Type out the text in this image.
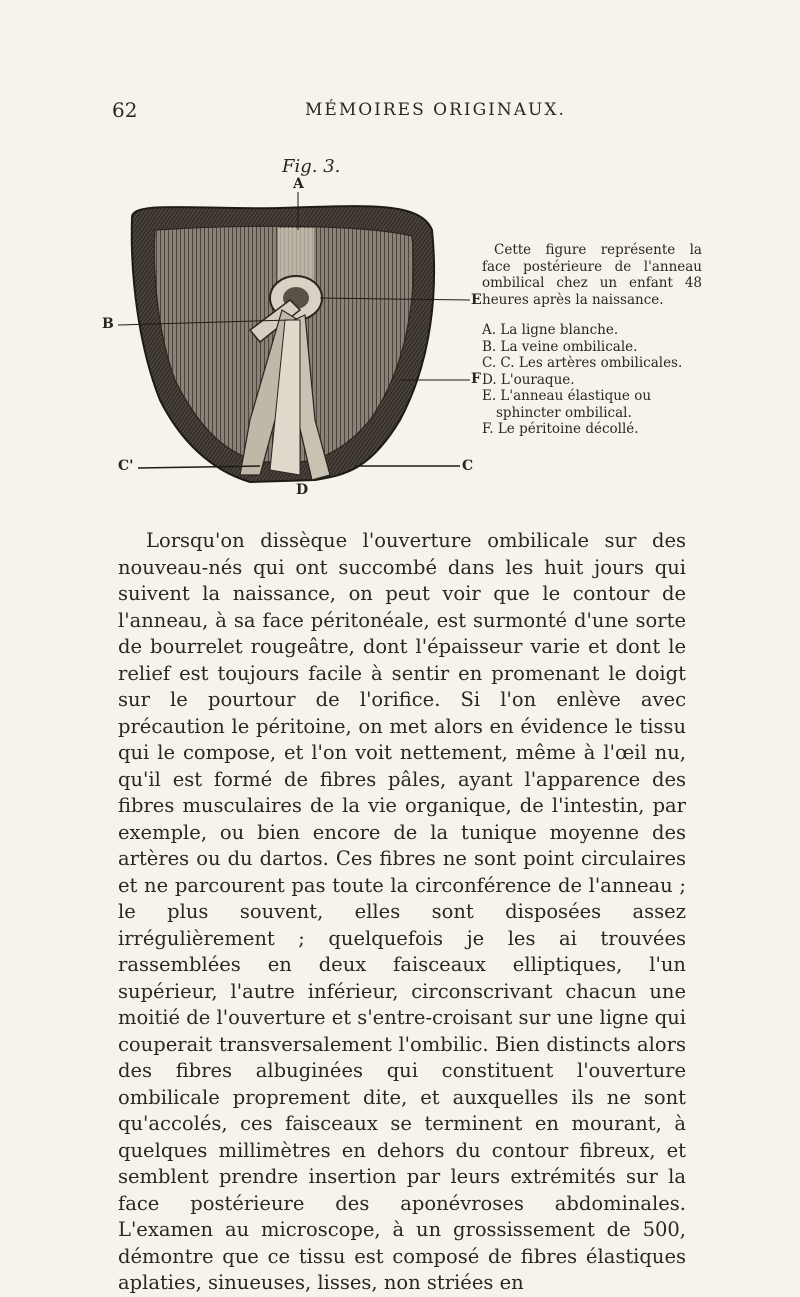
62	MÉMOIRES ORIGINAUX.
Fig. 3.
A
B
E
F
C'	C
D

Cette figure représente la face postérieure de l'anneau ombilical chez un enfant 48 heures après la naissance.

A. La ligne blanche.
B. La veine ombilicale.
C. C. Les artères ombilicales.
D. L'ouraque.
E. L'anneau élastique ou sphincter ombilical.
F. Le péritoine décollé.

Lorsqu'on dissèque l'ouverture ombilicale sur des nouveau-nés qui ont succombé dans les huit jours qui suivent la naissance, on peut voir que le contour de l'anneau, à sa face péritonéale, est surmonté d'une sorte de bourrelet rougeâtre, dont l'épaisseur varie et dont le relief est toujours facile à sentir en promenant le doigt sur le pourtour de l'orifice. Si l'on enlève avec précaution le péritoine, on met alors en évidence le tissu qui le compose, et l'on voit nettement, même à l'œil nu, qu'il est formé de fibres pâles, ayant l'apparence des fibres musculaires de la vie organique, de l'intestin, par exemple, ou bien encore de la tunique moyenne des artères ou du dartos. Ces fibres ne sont point circulaires et ne parcourent pas toute la circonférence de l'anneau ; le plus souvent, elles sont disposées assez irrégulièrement ; quelquefois je les ai trouvées rassemblées en deux faisceaux elliptiques, l'un supérieur, l'autre inférieur, circonscrivant chacun une moitié de l'ouverture et s'entre-croisant sur une ligne qui couperait transversalement l'ombilic. Bien distincts alors des fibres albuginées qui constituent l'ouverture ombilicale proprement dite, et auxquelles ils ne sont qu'accolés, ces faisceaux se terminent en mourant, à quelques millimètres en dehors du contour fibreux, et semblent prendre insertion par leurs extrémités sur la face postérieure des aponévroses abdominales. L'examen au microscope, à un grossissement de 500, démontre que ce tissu est composé de fibres élastiques aplaties, sinueuses, lisses, non striées en
